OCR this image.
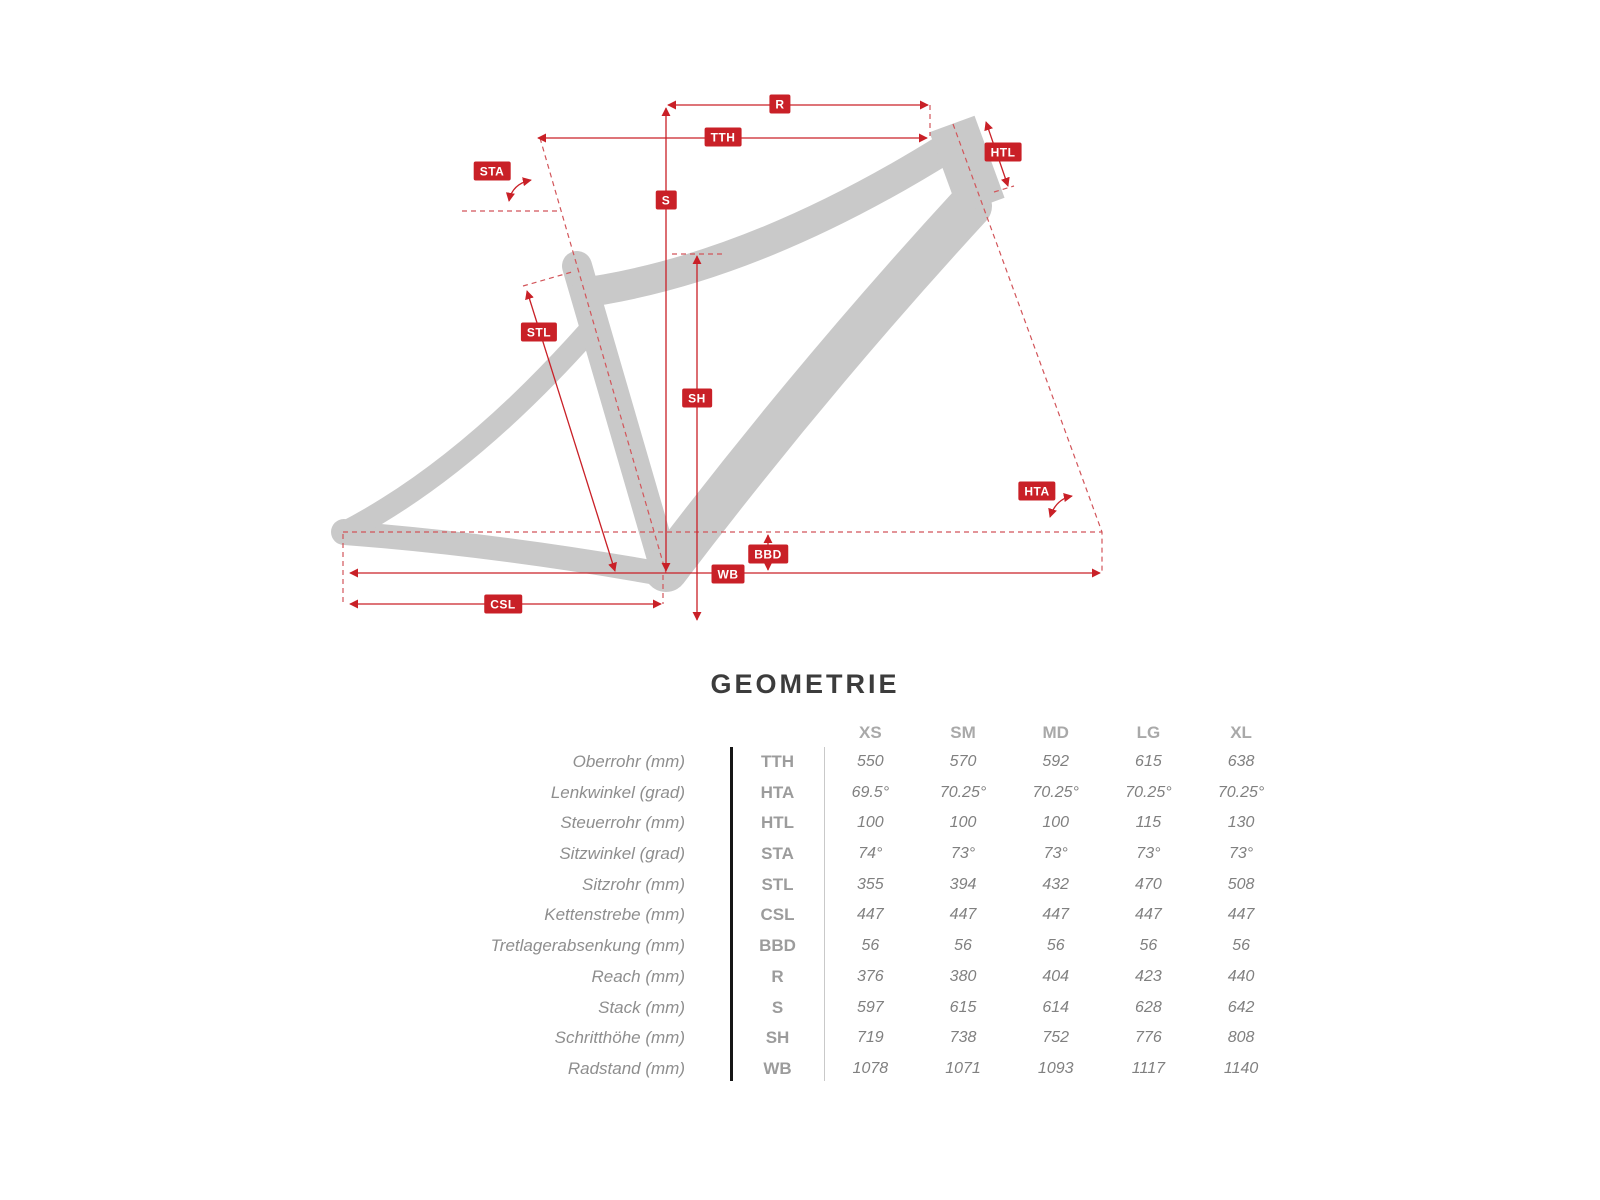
R
TTH
HTL
STA
S
STL
SH
HTA
BBD
WB
CSL
GEOMETRIE
XS	SM	MD	LG	XL
Oberrohr (mm)	TTH	550	570	592	615	638
Lenkwinkel (grad)	HTA	69.5°	70.25°	70.25°	70.25°	70.25°
Steuerrohr (mm)	HTL	100	100	100	115	130
Sitzwinkel (grad)	STA	74°	73°	73°	73°	73°
Sitzrohr (mm)	STL	355	394	432	470	508
Kettenstrebe (mm)	CSL	447	447	447	447	447
Tretlagerabsenkung (mm)	BBD	56	56	56	56	56
Reach (mm)	R	376	380	404	423	440
Stack (mm)	S	597	615	614	628	642
Schritthöhe (mm)	SH	719	738	752	776	808
Radstand (mm)	WB	1078	1071	1093	1117	1140
